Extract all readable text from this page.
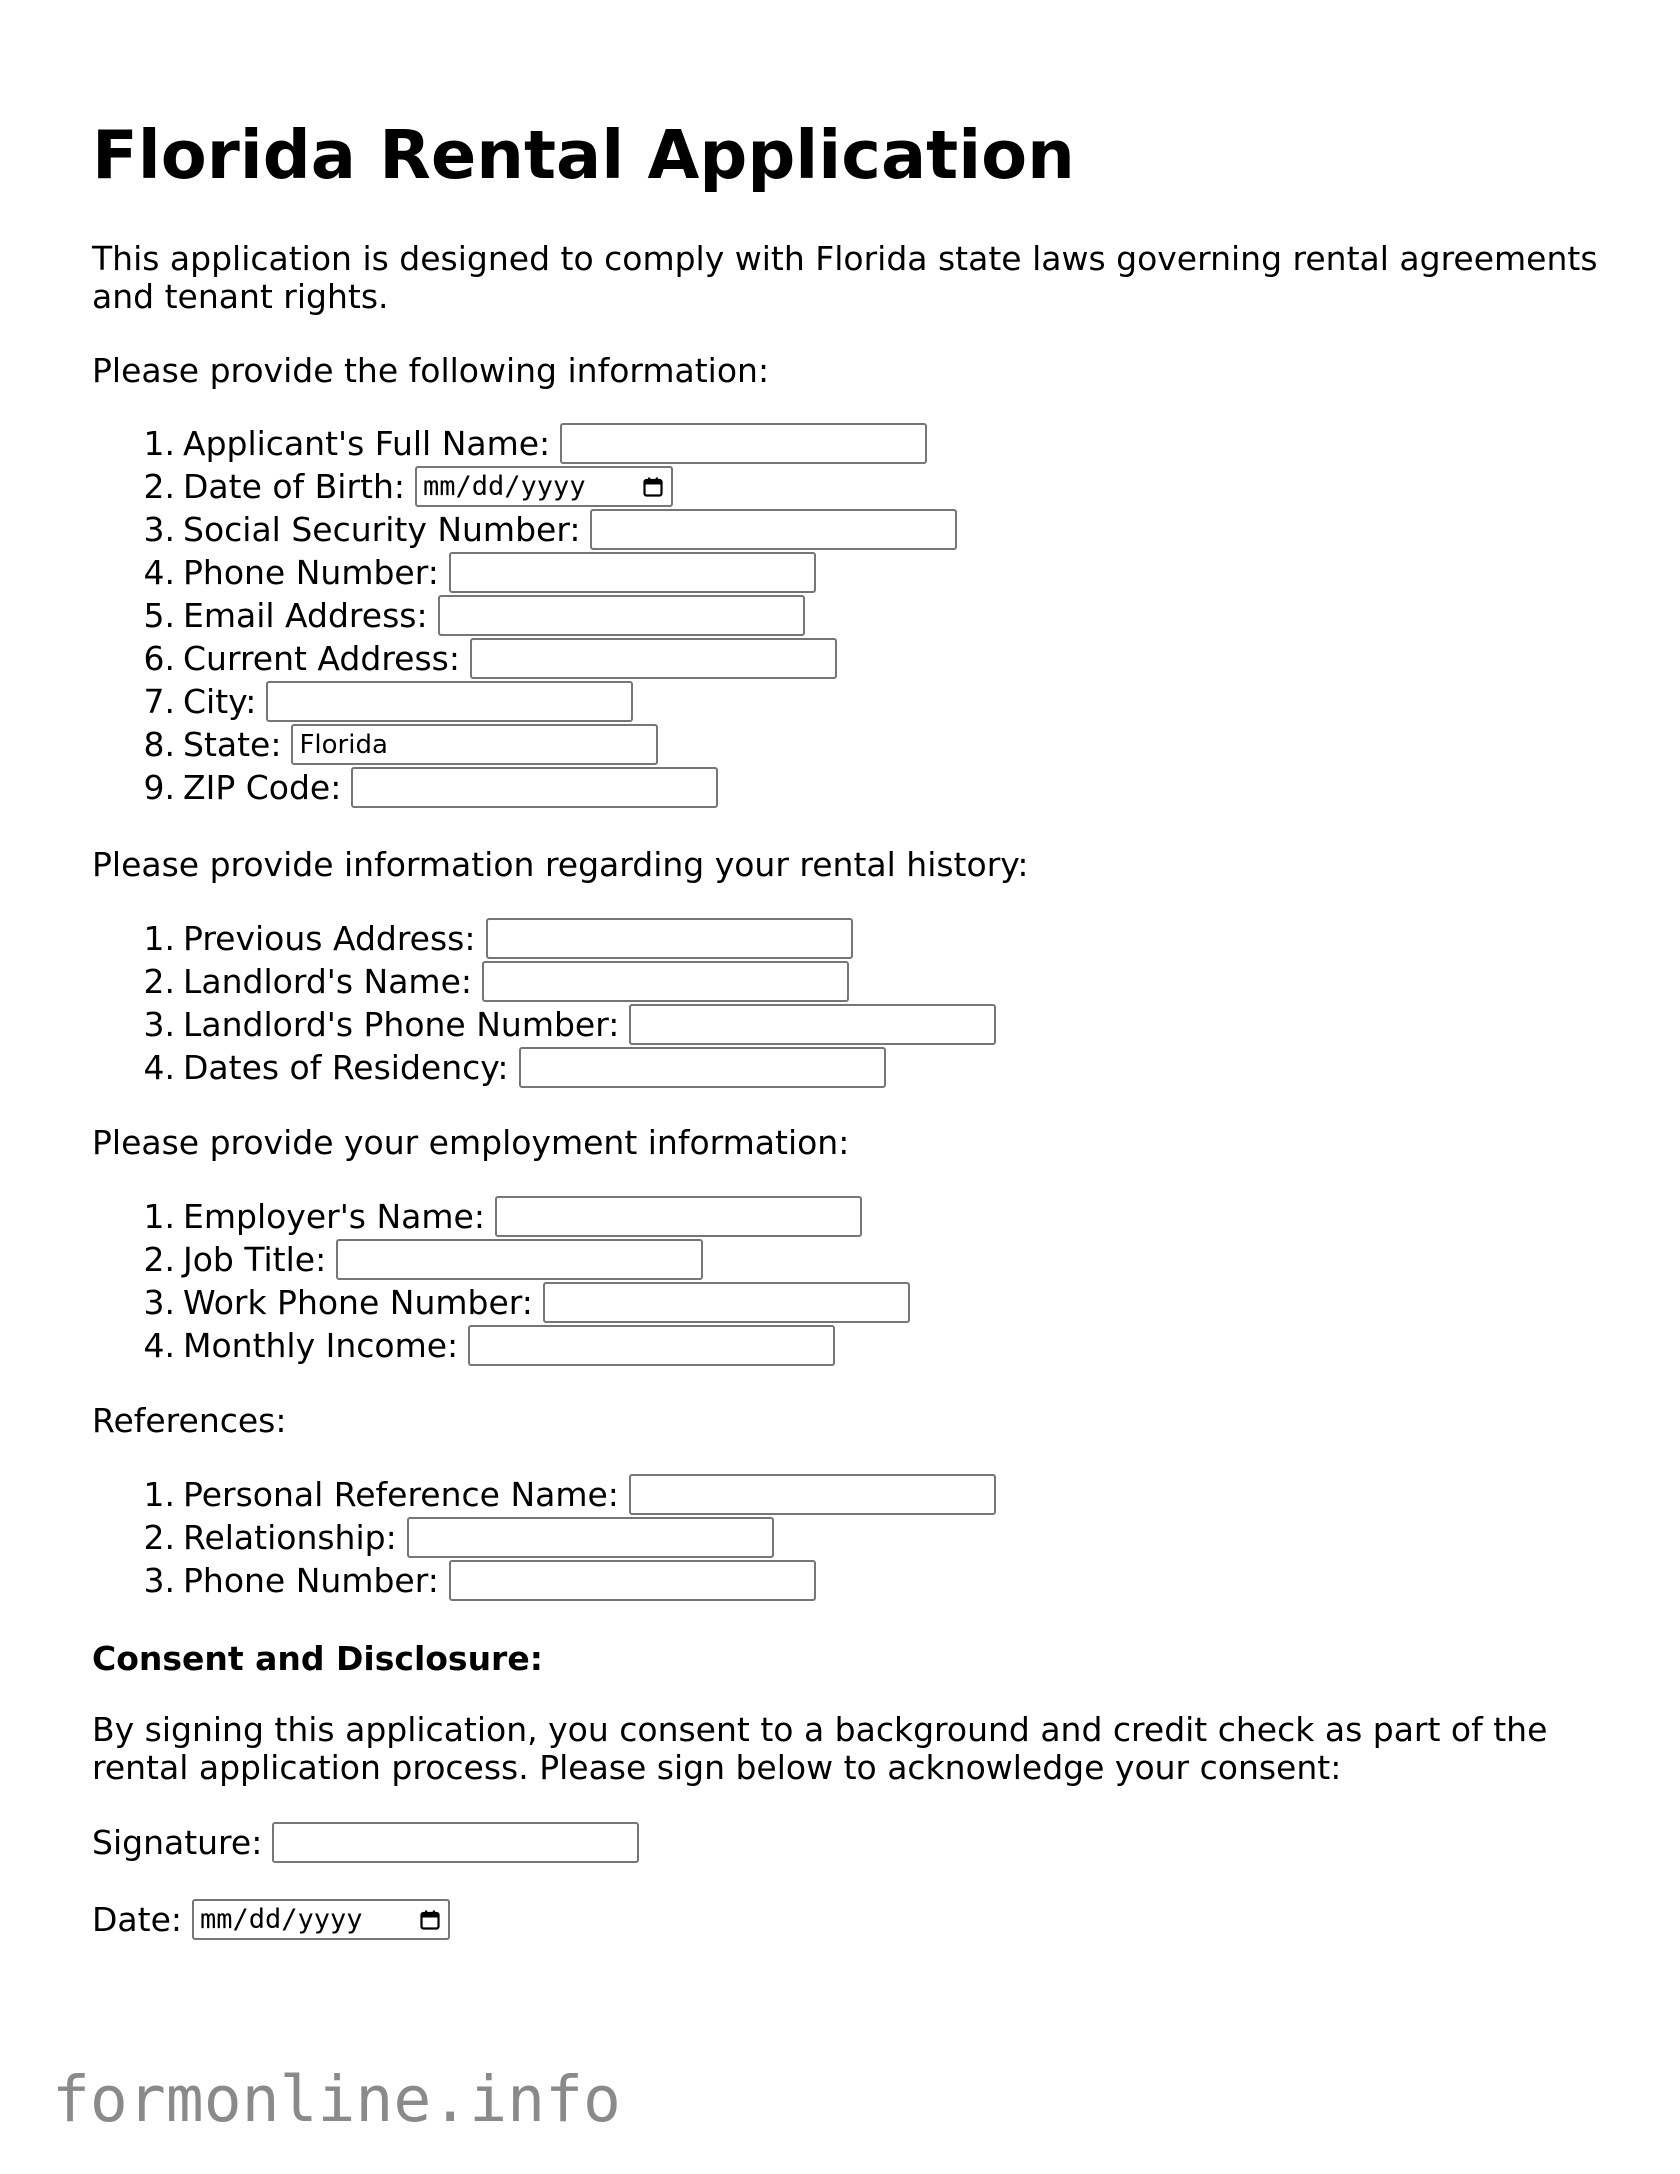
Florida Rental Application

This application is designed to comply with Florida state laws governing rental agreements and tenant rights.

Please provide the following information:

1. Applicant's Full Name:
2. Date of Birth: mm/dd/yyyy
3. Social Security Number:
4. Phone Number:
5. Email Address:
6. Current Address:
7. City:
8. State:
Florida
9. ZIP Code:

Please provide information regarding your rental history:

1. Previous Address:
2. Landlord's Name:
3. Landlord's Phone Number:
4. Dates of Residency:

Please provide your employment information:

1. Employer's Name:
2. Job Title:
3. Work Phone Number:
4. Monthly Income:

References:

1. Personal Reference Name:
2. Relationship:
3. Phone Number:

Consent and Disclosure:

By signing this application, you consent to a background and credit check as part of the rental application process. Please sign below to acknowledge your consent:

Signature:
Date: mm/dd/yyyy
formonline.info
